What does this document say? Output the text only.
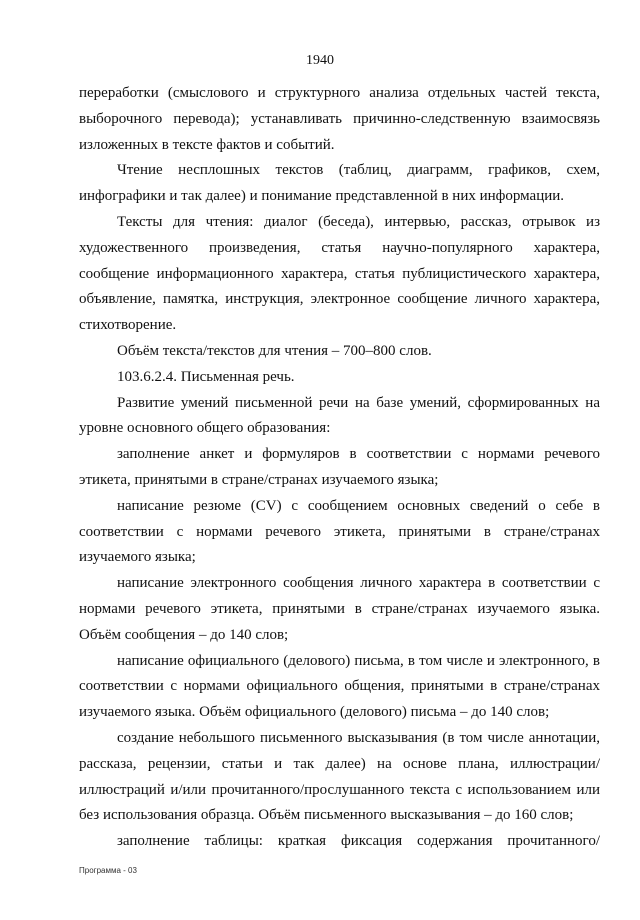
1940

переработки (смыслового и структурного анализа отдельных частей текста, выборочного перевода); устанавливать причинно-следственную взаимосвязь изложенных в тексте фактов и событий.

Чтение несплошных текстов (таблиц, диаграмм, графиков, схем, инфографики и так далее) и понимание представленной в них информации.

Тексты для чтения: диалог (беседа), интервью, рассказ, отрывок из художественного произведения, статья научно-популярного характера, сообщение информационного характера, статья публицистического характера, объявление, памятка, инструкция, электронное сообщение личного характера, стихотворение.

Объём текста/текстов для чтения – 700–800 слов.

103.6.2.4. Письменная речь.

Развитие умений письменной речи на базе умений, сформированных на уровне основного общего образования:

заполнение анкет и формуляров в соответствии с нормами речевого этикета, принятыми в стране/странах изучаемого языка;

написание резюме (CV) с сообщением основных сведений о себе в соответствии с нормами речевого этикета, принятыми в стране/странах изучаемого языка;

написание электронного сообщения личного характера в соответствии с нормами речевого этикета, принятыми в стране/странах изучаемого языка. Объём сообщения – до 140 слов;

написание официального (делового) письма, в том числе и электронного, в соответствии с нормами официального общения, принятыми в стране/странах изучаемого языка. Объём официального (делового) письма – до 140 слов;

создание небольшого письменного высказывания (в том числе аннотации, рассказа, рецензии, статьи и так далее) на основе плана, иллюстрации/ иллюстраций и/или прочитанного/прослушанного текста с использованием или без использования образца. Объём письменного высказывания – до 160 слов;

заполнение таблицы: краткая фиксация содержания прочитанного/

Программа - 03
